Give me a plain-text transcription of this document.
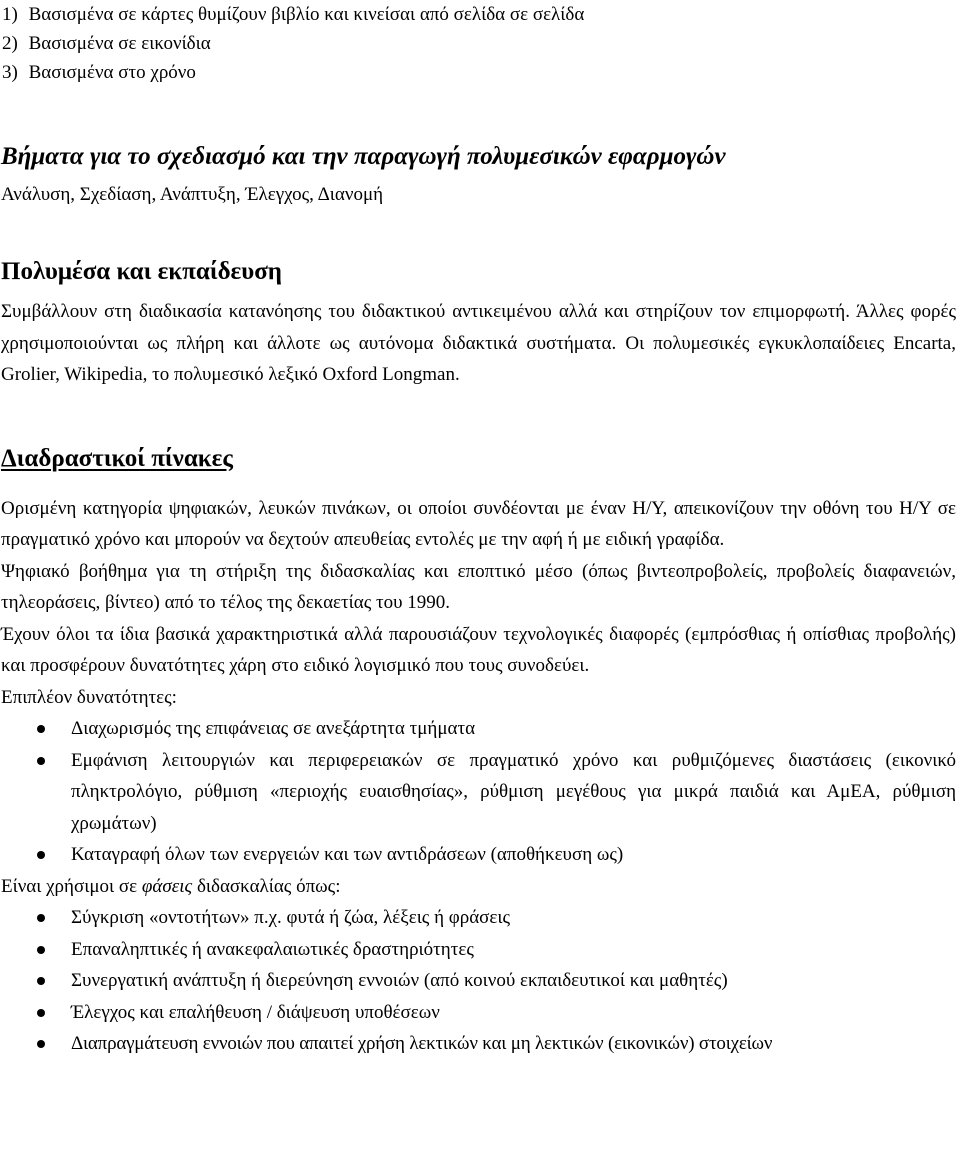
1) Βασισμένα σε κάρτες θυμίζουν βιβλίο και κινείσαι από σελίδα σε σελίδα
2) Βασισμένα σε εικονίδια
3) Βασισμένα στο χρόνο
Βήματα για το σχεδιασμό και την παραγωγή πολυμεσικών εφαρμογών

Ανάλυση, Σχεδίαση, Ανάπτυξη, Έλεγχος, Διανομή

Πολυμέσα και εκπαίδευση

Συμβάλλουν στη διαδικασία κατανόησης του διδακτικού αντικειμένου αλλά και στηρίζουν τον επιμορφωτή. Άλλες φορές χρησιμοποιούνται ως πλήρη και άλλοτε ως αυτόνομα διδακτικά συστήματα. Οι πολυμεσικές εγκυκλοπαίδειες Encarta, Grolier, Wikipedia, το πολυμεσικό λεξικό Oxford Longman.

Διαδραστικοί πίνακες

Ορισμένη κατηγορία ψηφιακών, λευκών πινάκων, οι οποίοι συνδέονται με έναν Η/Υ, απεικονίζουν την οθόνη του Η/Υ σε πραγματικό χρόνο και μπορούν να δεχτούν απευθείας εντολές με την αφή ή με ειδική γραφίδα.

Ψηφιακό βοήθημα για τη στήριξη της διδασκαλίας και εποπτικό μέσο (όπως βιντεοπροβολείς, προβολείς διαφανειών, τηλεοράσεις, βίντεο) από το τέλος της δεκαετίας του 1990.

Έχουν όλοι τα ίδια βασικά χαρακτηριστικά αλλά παρουσιάζουν τεχνολογικές διαφορές (εμπρόσθιας ή οπίσθιας προβολής) και προσφέρουν δυνατότητες χάρη στο ειδικό λογισμικό που τους συνοδεύει.

Επιπλέον δυνατότητες:

Διαχωρισμός της επιφάνειας σε ανεξάρτητα τμήματα
Εμφάνιση λειτουργιών και περιφερειακών σε πραγματικό χρόνο και ρυθμιζόμενες διαστάσεις (εικονικό πληκτρολόγιο, ρύθμιση «περιοχής ευαισθησίας», ρύθμιση μεγέθους για μικρά παιδιά και ΑμΕΑ, ρύθμιση χρωμάτων)
Καταγραφή όλων των ενεργειών και των αντιδράσεων (αποθήκευση ως)

Είναι χρήσιμοι σε φάσεις διδασκαλίας όπως:

Σύγκριση «οντοτήτων» π.χ. φυτά ή ζώα, λέξεις ή φράσεις
Επαναληπτικές ή ανακεφαλαιωτικές δραστηριότητες
Συνεργατική ανάπτυξη ή διερεύνηση εννοιών (από κοινού εκπαιδευτικοί και μαθητές)
Έλεγχος και επαλήθευση / διάψευση υποθέσεων
Διαπραγμάτευση εννοιών που απαιτεί χρήση λεκτικών και μη λεκτικών (εικονικών) στοιχείων
